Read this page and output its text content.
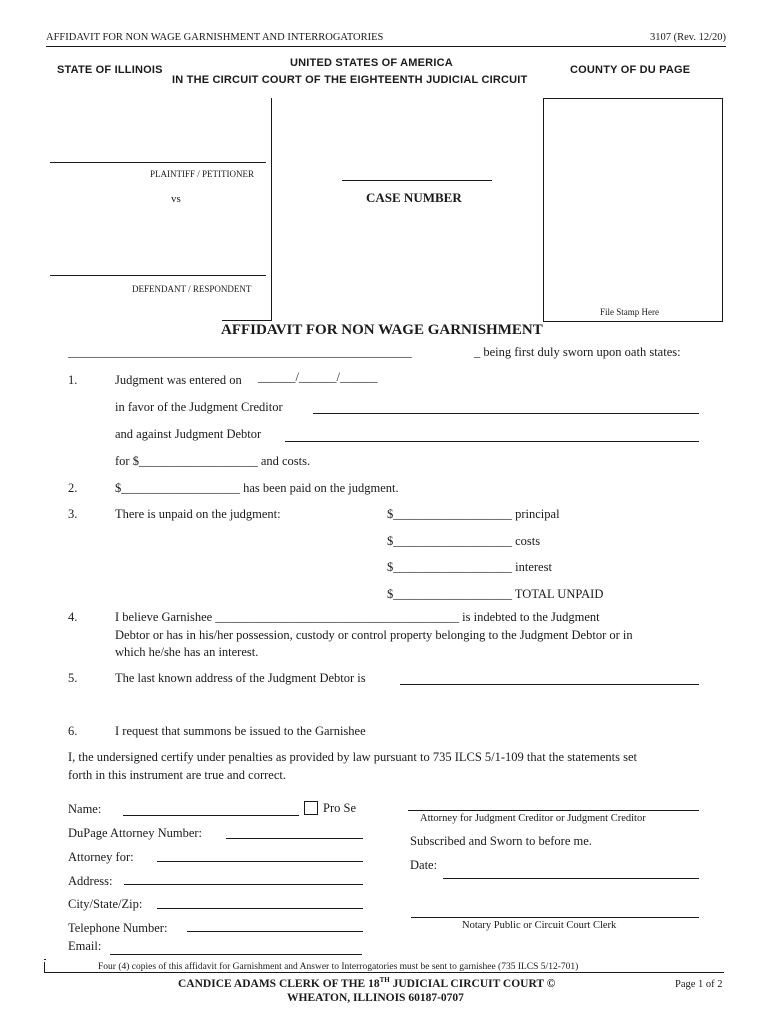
AFFIDAVIT FOR NON WAGE GARNISHMENT AND INTERROGATORIES	3107 (Rev. 12/20)
STATE OF ILLINOIS
UNITED STATES OF AMERICA
COUNTY OF DU PAGE
IN THE CIRCUIT COURT OF THE EIGHTEENTH JUDICIAL CIRCUIT
PLAINTIFF / PETITIONER
vs
DEFENDANT / RESPONDENT
CASE NUMBER
File Stamp Here
AFFIDAVIT FOR NON WAGE GARNISHMENT
_______________________________________________________	_ being first duly sworn upon oath states:
1.	Judgment was entered on ______/______/______
in favor of the Judgment Creditor
and against Judgment Debtor
for $___________________ and costs.
2.	$___________________ has been paid on the judgment.
3.	There is unpaid on the judgment:	$___________________ principal
$___________________ costs
$___________________ interest
$___________________ TOTAL UNPAID
4.	I believe Garnishee _______________________________________ is indebted to the Judgment
Debtor or has in his/her possession, custody or control property belonging to the Judgment Debtor or in
which he/she has an interest.
5.	The last known address of the Judgment Debtor is
6.	I request that summons be issued to the Garnishee
I, the undersigned certify under penalties as provided by law pursuant to 735 ILCS 5/1-109 that the statements set
forth in this instrument are true and correct.
Name:	Pro Se
DuPage Attorney Number:
Attorney for:
Address:
City/State/Zip:
Telephone Number:
Email:
Attorney for Judgment Creditor or Judgment Creditor
Subscribed and Sworn to before me.
Date:
Notary Public or Circuit Court Clerk
Four (4) copies of this affidavit for Garnishment and Answer to Interrogatories must be sent to garnishee (735 ILCS 5/12-701)
CANDICE ADAMS CLERK OF THE 18TH JUDICIAL CIRCUIT COURT ©
WHEATON, ILLINOIS 60187-0707
Page 1 of 2
